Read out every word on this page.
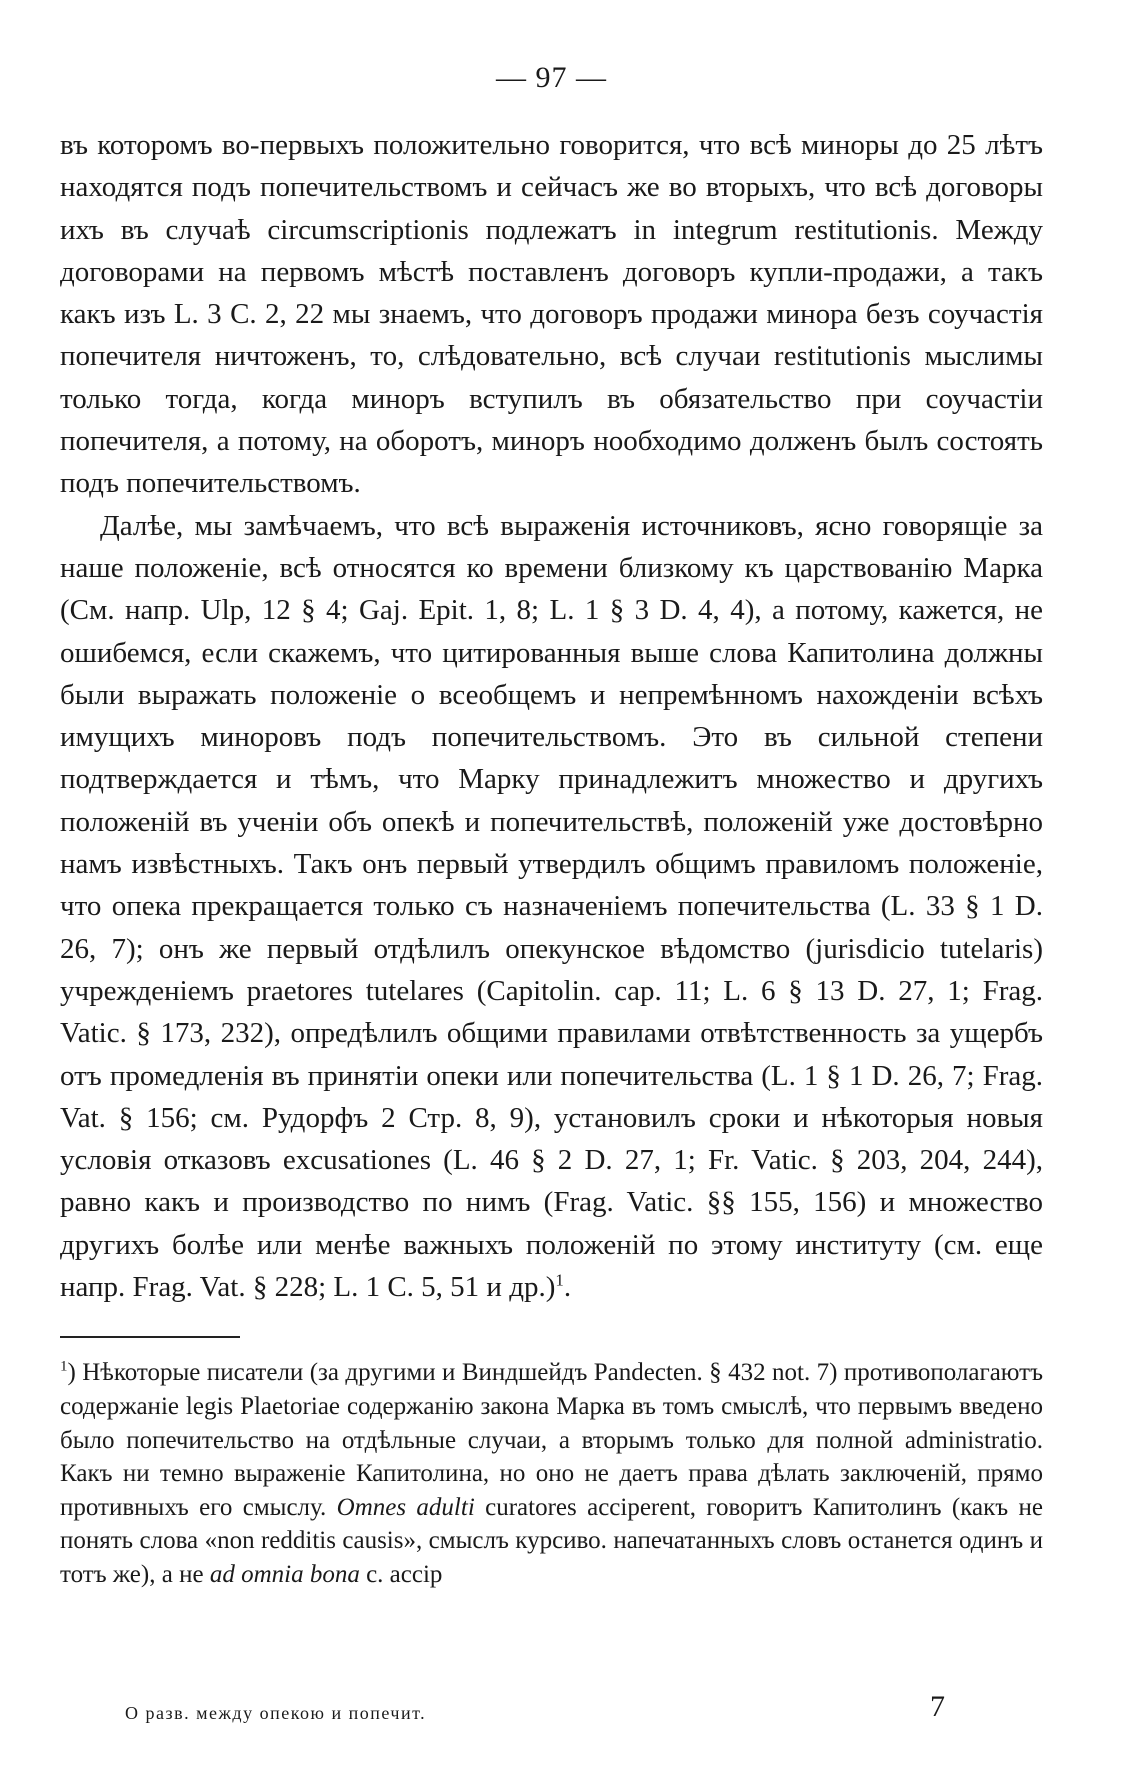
— 97 —

въ которомъ во-первыхъ положительно говорится, что всѣ миноры до 25 лѣтъ находятся подъ попечительствомъ и сейчасъ же во вторыхъ, что всѣ договоры ихъ въ случаѣ circumscriptionis подлежатъ in integrum restitutionis. Между договорами на первомъ мѣстѣ поставленъ договоръ купли-продажи, а такъ какъ изъ L. 3 C. 2, 22 мы знаемъ, что договоръ продажи минора безъ соучастія попечителя ничтоженъ, то, слѣдовательно, всѣ случаи restitutionis мыслимы только тогда, когда миноръ вступилъ въ обязательство при соучастіи попечителя, а потому, на оборотъ, миноръ нообходимо долженъ былъ состоять подъ попечительствомъ.

Далѣе, мы замѣчаемъ, что всѣ выраженія источниковъ, ясно говорящіе за наше положеніе, всѣ относятся ко времени близкому къ царствованію Марка (См. напр. Ulp, 12 § 4; Gaj. Epit. 1, 8; L. 1 § 3 D. 4, 4), а потому, кажется, не ошибемся, если скажемъ, что цитированныя выше слова Капитолина должны были выражать положеніе о всеобщемъ и непремѣнномъ нахожденіи всѣхъ имущихъ миноровъ подъ попечительствомъ. Это въ сильной степени подтверждается и тѣмъ, что Марку принадлежитъ множество и другихъ положеній въ ученіи объ опекѣ и попечительствѣ, положеній уже достовѣрно намъ извѣстныхъ. Такъ онъ первый утвердилъ общимъ правиломъ положеніе, что опека прекращается только съ назначеніемъ попечительства (L. 33 § 1 D. 26, 7); онъ же первый отдѣлилъ опекунское вѣдомство (jurisdicio tutelaris) учрежденіемъ praetores tutelares (Capitolin. cap. 11; L. 6 § 13 D. 27, 1; Frag. Vatic. § 173, 232), опредѣлилъ общими правилами отвѣтственность за ущербъ отъ промедленія въ принятіи опеки или попечительства (L. 1 § 1 D. 26, 7; Frag. Vat. § 156; см. Рудорфъ 2 Стр. 8, 9), установилъ сроки и нѣкоторыя новыя условія отказовъ excusationes (L. 46 § 2 D. 27, 1; Fr. Vatic. § 203, 204, 244), равно какъ и производство по нимъ (Frag. Vatic. §§ 155, 156) и множество другихъ болѣе или менѣе важныхъ положеній по этому институту (см. еще напр. Frag. Vat. § 228; L. 1 C. 5, 51 и др.)$^1$.

$^1$) Нѣкоторые писатели (за другими и Виндшейдъ Pandecten. § 432 not. 7) противополагаютъ содержаніе legis Plaetoriae содержанію закона Марка въ томъ смыслѣ, что первымъ введено было попечительство на отдѣльные случаи, а вторымъ только для полной administratio. Какъ ни темно выраженіе Капитолина, но оно не даетъ права дѣлать заключеній, прямо противныхъ его смыслу. Omnes adulti curatores acciperent, говоритъ Капитолинъ (какъ не понять слова «non redditis causis», смыслъ курсиво. напечатанныхъ словъ останется одинъ и тотъ же), а не ad omnia bona c. accip
О разв. между опекою и попечит.	7
